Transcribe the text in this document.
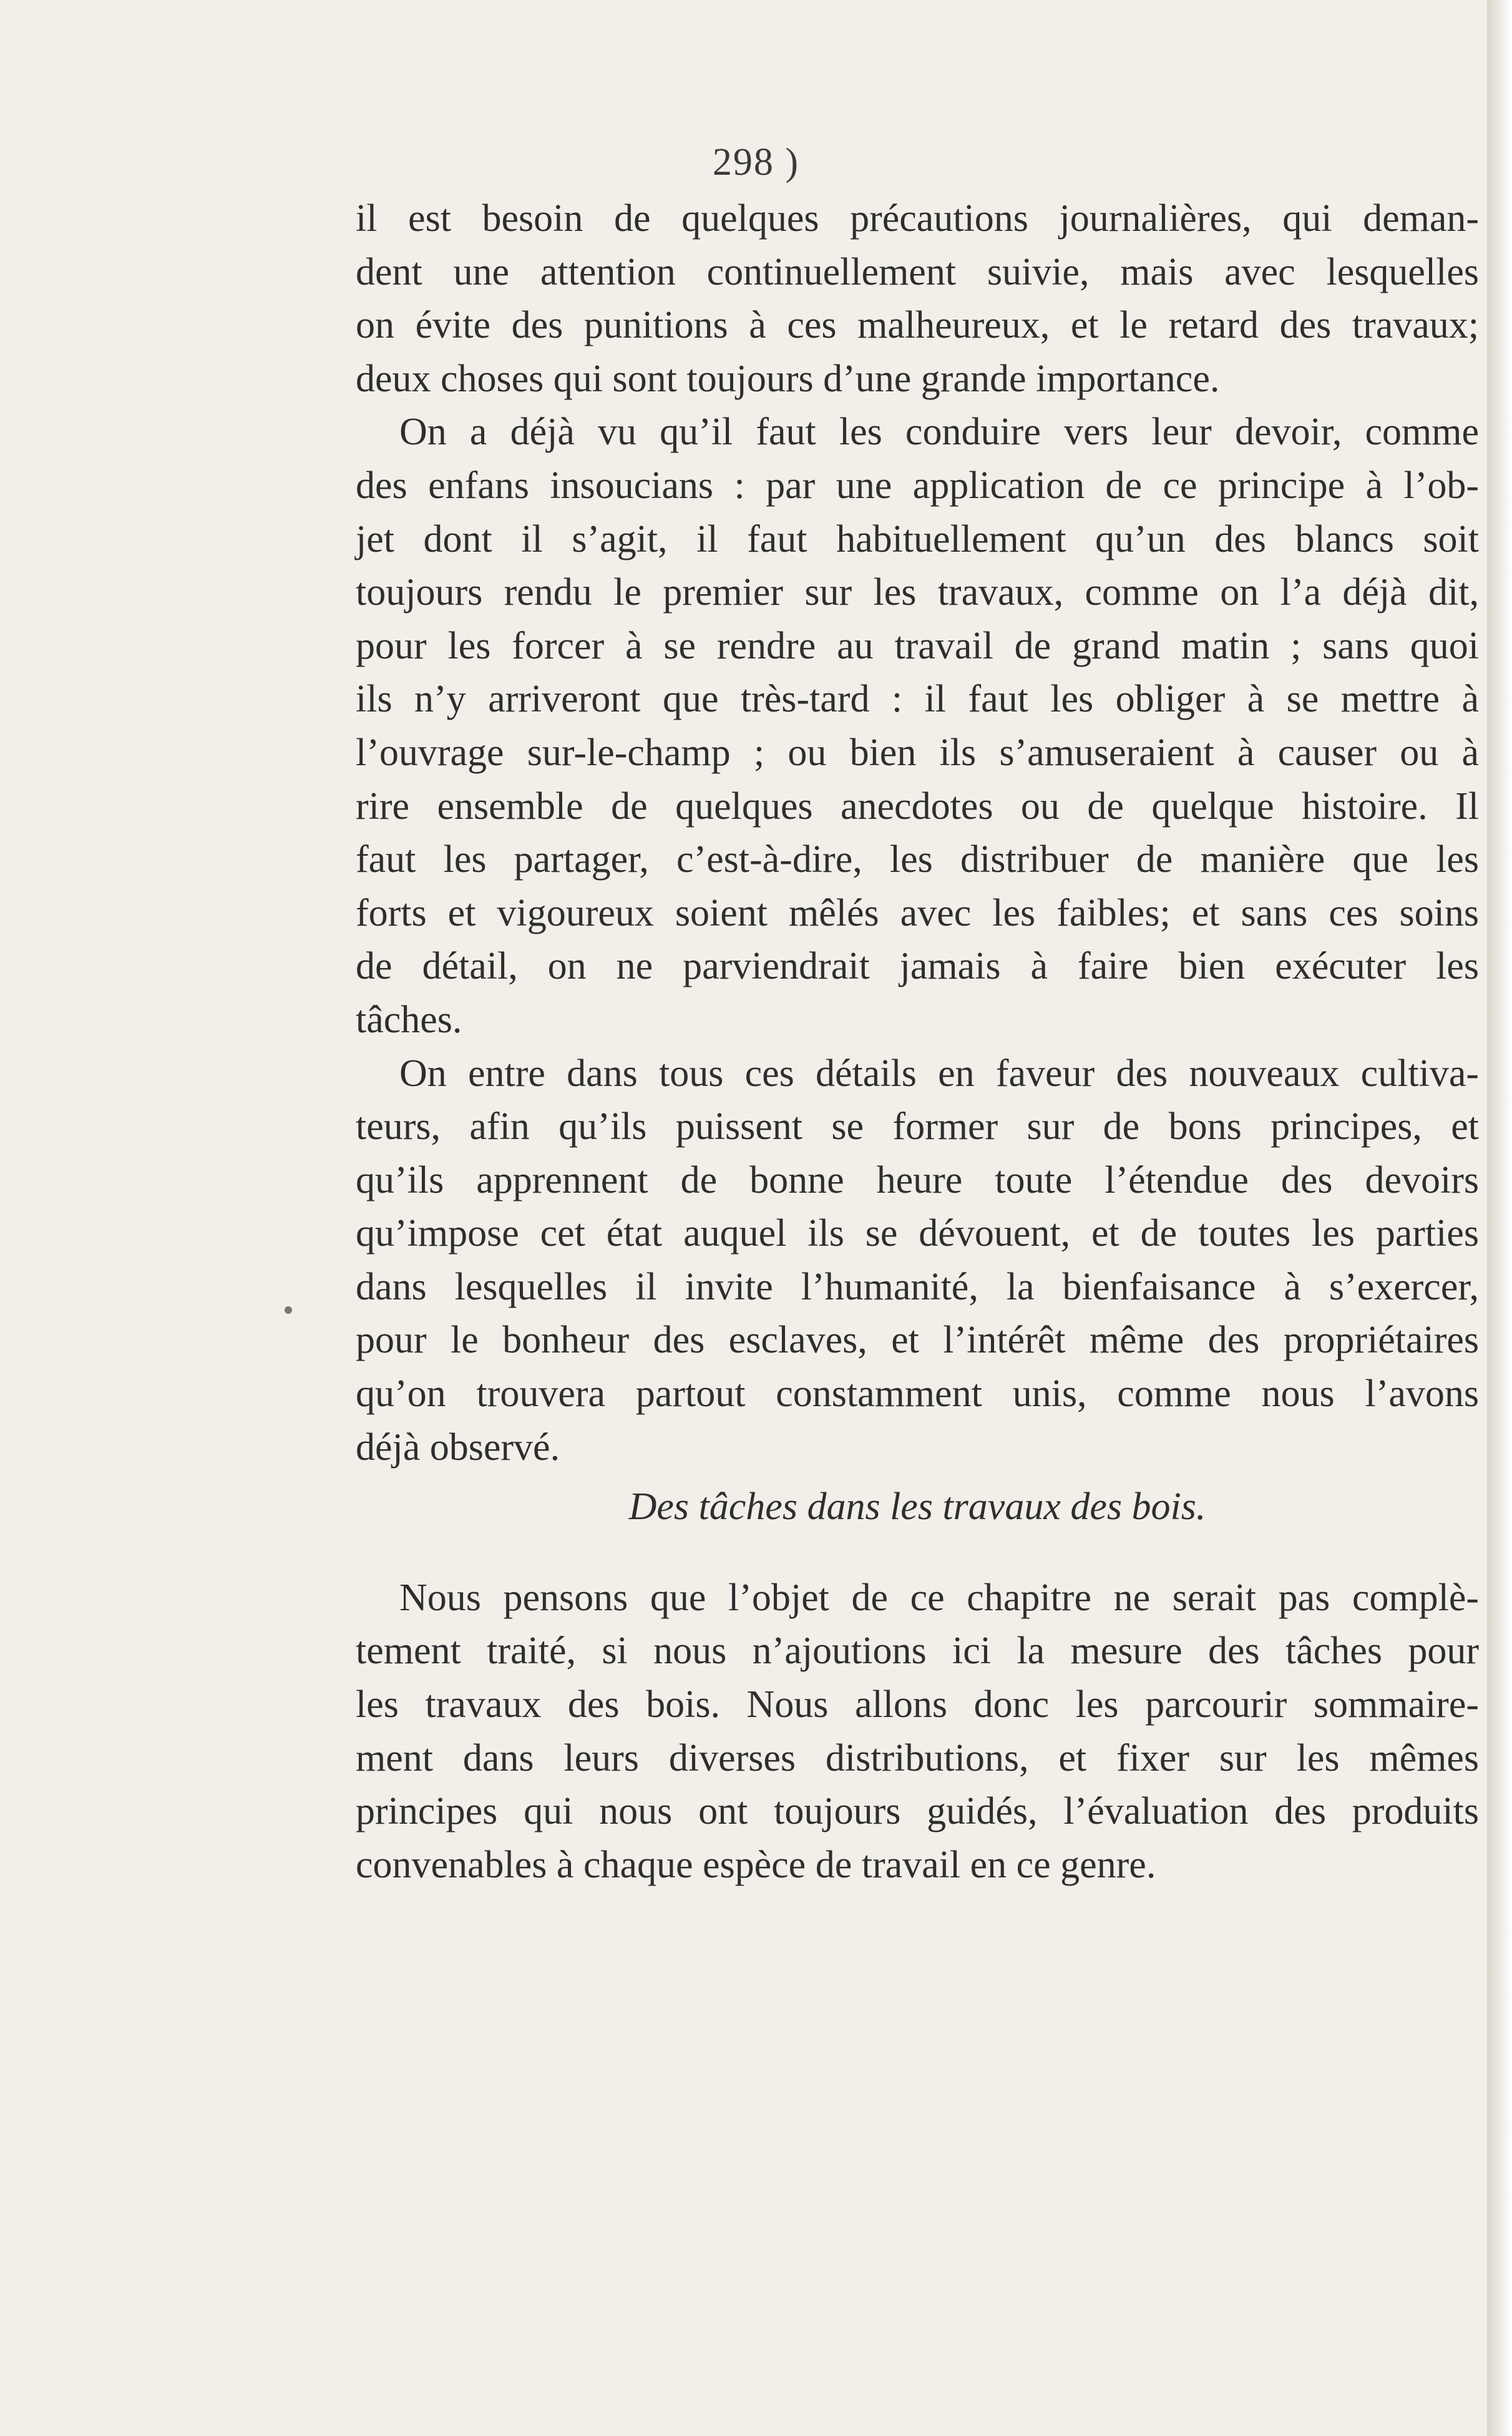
298 )
il est besoin de quelques précautions journalières, qui deman-
dent une attention continuellement suivie, mais avec lesquelles
on évite des punitions à ces malheureux, et le retard des travaux;
deux choses qui sont toujours d’une grande importance.
On a déjà vu qu’il faut les conduire vers leur devoir, comme
des enfans insoucians : par une application de ce principe à l’ob-
jet dont il s’agit, il faut habituellement qu’un des blancs soit
toujours rendu le premier sur les travaux, comme on l’a déjà dit,
pour les forcer à se rendre au travail de grand matin ; sans quoi
ils n’y arriveront que très-tard : il faut les obliger à se mettre à
l’ouvrage sur-le-champ ; ou bien ils s’amuseraient à causer ou à
rire ensemble de quelques anecdotes ou de quelque histoire. Il
faut les partager, c’est-à-dire, les distribuer de manière que les
forts et vigoureux soient mêlés avec les faibles; et sans ces soins
de détail, on ne parviendrait jamais à faire bien exécuter les
tâches.
On entre dans tous ces détails en faveur des nouveaux cultiva-
teurs, afin qu’ils puissent se former sur de bons principes, et
qu’ils apprennent de bonne heure toute l’étendue des devoirs
qu’impose cet état auquel ils se dévouent, et de toutes les parties
dans lesquelles il invite l’humanité, la bienfaisance à s’exercer,
pour le bonheur des esclaves, et l’intérêt même des propriétaires
qu’on trouvera partout constamment unis, comme nous l’avons
déjà observé.
Des tâches dans les travaux des bois.
Nous pensons que l’objet de ce chapitre ne serait pas complè-
tement traité, si nous n’ajoutions ici la mesure des tâches pour
les travaux des bois. Nous allons donc les parcourir sommaire-
ment dans leurs diverses distributions, et fixer sur les mêmes
principes qui nous ont toujours guidés, l’évaluation des produits
convenables à chaque espèce de travail en ce genre.
